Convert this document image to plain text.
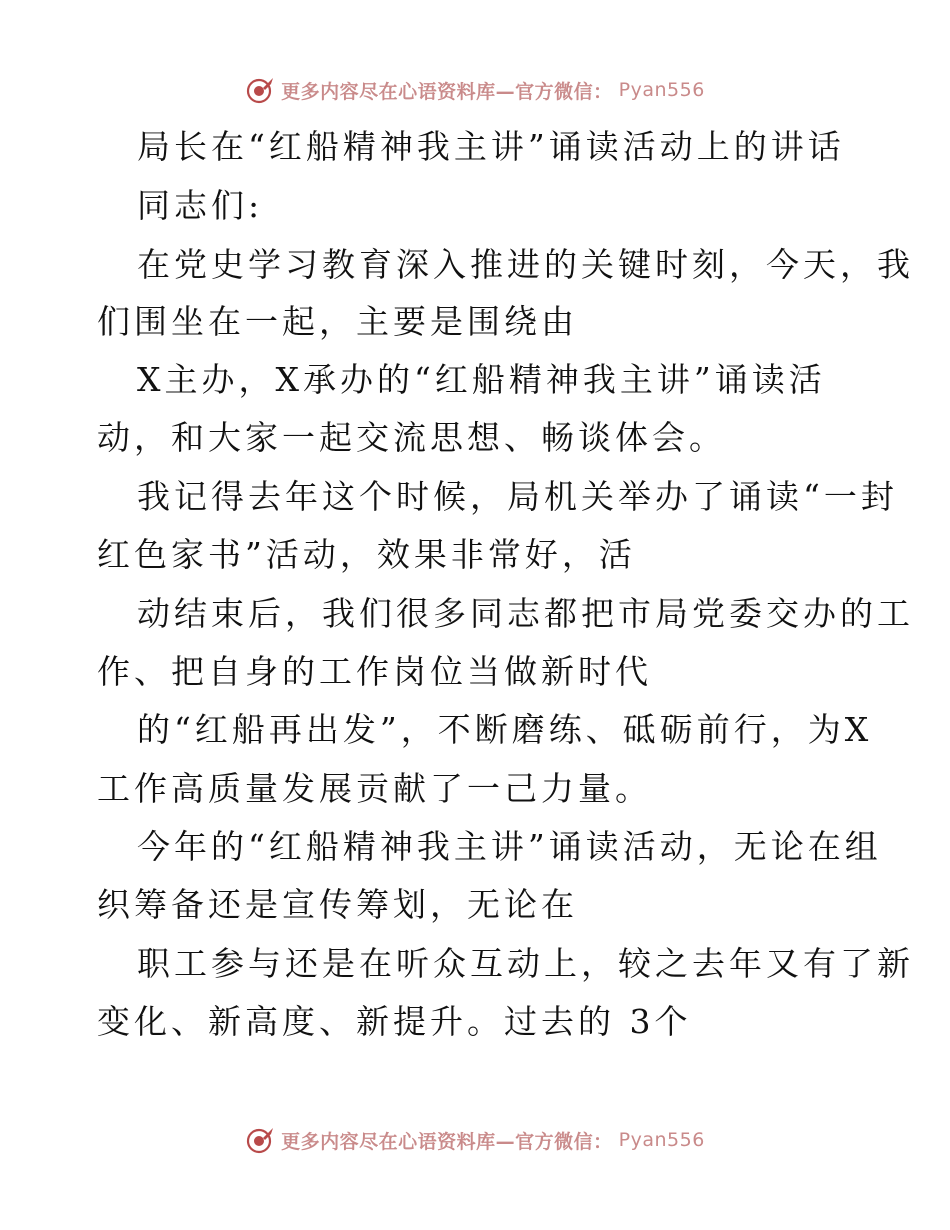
更多内容尽在心语资料库—官方微信： Pyan556
局长在“红船精神我主讲”诵读活动上的讲话
同志们:
在党史学习教育深入推进的关键时刻，今天，我
们围坐在一起，主要是围绕由
X主办，X承办的“红船精神我主讲”诵读活
动，和大家一起交流思想、畅谈体会。
我记得去年这个时候，局机关举办了诵读“一封
红色家书”活动，效果非常好，活
动结束后，我们很多同志都把市局党委交办的工
作、把自身的工作岗位当做新时代
的“红船再出发”，不断磨练、砥砺前行，为X
工作高质量发展贡献了一己力量。
今年的“红船精神我主讲”诵读活动，无论在组
织筹备还是宣传筹划，无论在
职工参与还是在听众互动上，较之去年又有了新
变化、新高度、新提升。过去的 3个
更多内容尽在心语资料库—官方微信： Pyan556
